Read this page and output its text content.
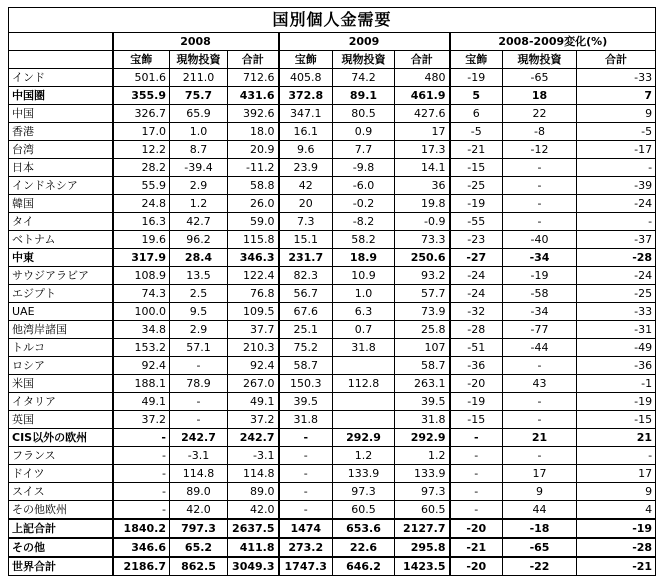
国別個人金需要									
	2008			2009			2008-2009変化(%)		
	宝飾	現物投資	合計	宝飾	現物投資	合計	宝飾	現物投資	合計
インド	501.6	211.0	712.6	405.8	74.2	480	-19	-65	-33
中国圏	355.9	75.7	431.6	372.8	89.1	461.9	5	18	7
中国	326.7	65.9	392.6	347.1	80.5	427.6	6	22	9
香港	17.0	1.0	18.0	16.1	0.9	17	-5	-8	-5
台湾	12.2	8.7	20.9	9.6	7.7	17.3	-21	-12	-17
日本	28.2	-39.4	-11.2	23.9	-9.8	14.1	-15	-	-
インドネシア	55.9	2.9	58.8	42	-6.0	36	-25	-	-39
韓国	24.8	1.2	26.0	20	-0.2	19.8	-19	-	-24
タイ	16.3	42.7	59.0	7.3	-8.2	-0.9	-55	-	-
ベトナム	19.6	96.2	115.8	15.1	58.2	73.3	-23	-40	-37
中東	317.9	28.4	346.3	231.7	18.9	250.6	-27	-34	-28
サウジアラビア	108.9	13.5	122.4	82.3	10.9	93.2	-24	-19	-24
エジプト	74.3	2.5	76.8	56.7	1.0	57.7	-24	-58	-25
UAE	100.0	9.5	109.5	67.6	6.3	73.9	-32	-34	-33
他湾岸諸国	34.8	2.9	37.7	25.1	0.7	25.8	-28	-77	-31
トルコ	153.2	57.1	210.3	75.2	31.8	107	-51	-44	-49
ロシア	92.4	-	92.4	58.7		58.7	-36	-	-36
米国	188.1	78.9	267.0	150.3	112.8	263.1	-20	43	-1
イタリア	49.1	-	49.1	39.5		39.5	-19	-	-19
英国	37.2	-	37.2	31.8		31.8	-15	-	-15
CIS以外の欧州	-	242.7	242.7	-	292.9	292.9	-	21	21
フランス	-	-3.1	-3.1	-	1.2	1.2	-	-	-
ドイツ	-	114.8	114.8	-	133.9	133.9	-	17	17
スイス	-	89.0	89.0	-	97.3	97.3	-	9	9
その他欧州	-	42.0	42.0	-	60.5	60.5	-	44	4
上記合計	1840.2	797.3	2637.5	1474	653.6	2127.7	-20	-18	-19
その他	346.6	65.2	411.8	273.2	22.6	295.8	-21	-65	-28
世界合計	2186.7	862.5	3049.3	1747.3	646.2	1423.5	-20	-22	-21
